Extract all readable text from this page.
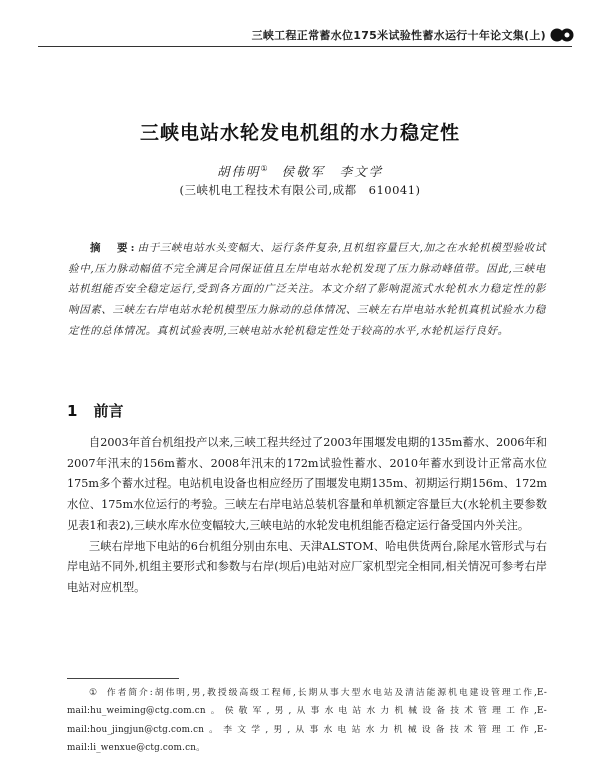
三峡工程正常蓄水位175米试验性蓄水运行十年论文集(上)
三峡电站水轮发电机组的水力稳定性
胡伟明① 侯敬军　李文学
(三峡机电工程技术有限公司,成都　610041)
摘　要:由于三峡电站水头变幅大、运行条件复杂,且机组容量巨大,加之在水轮机模型验收试验中,压力脉动幅值不完全满足合同保证值且左岸电站水轮机发现了压力脉动峰值带。因此,三峡电站机组能否安全稳定运行,受到各方面的广泛关注。本文介绍了影响混流式水轮机水力稳定性的影响因素、三峡左右岸电站水轮机模型压力脉动的总体情况、三峡左右岸电站水轮机真机试验水力稳定性的总体情况。真机试验表明,三峡电站水轮机稳定性处于较高的水平,水轮机运行良好。
1 前言

自2003年首台机组投产以来,三峡工程共经过了2003年围堰发电期的135m蓄水、2006年和2007年汛末的156m蓄水、2008年汛末的172m试验性蓄水、2010年蓄水到设计正常高水位175m多个蓄水过程。电站机电设备也相应经历了围堰发电期135m、初期运行期156m、172m水位、175m水位运行的考验。三峡左右岸电站总装机容量和单机额定容量巨大(水轮机主要参数见表1和表2),三峡水库水位变幅较大,三峡电站的水轮发电机组能否稳定运行备受国内外关注。

三峡右岸地下电站的6台机组分别由东电、天津ALSTOM、哈电供货两台,除尾水管形式与右岸电站不同外,机组主要形式和参数与右岸(坝后)电站对应厂家机型完全相同,相关情况可参考右岸电站对应机型。

① 作者简介:胡伟明,男,教授级高级工程师,长期从事大型水电站及清洁能源机电建设管理工作,E-mail:hu_weiming@ctg.com.cn。侯敬军,男,从事水电站水力机械设备技术管理工作,E-mail:hou_jingjun@ctg.com.cn。李文学,男,从事水电站水力机械设备技术管理工作,E-mail:li_wenxue@ctg.com.cn。
